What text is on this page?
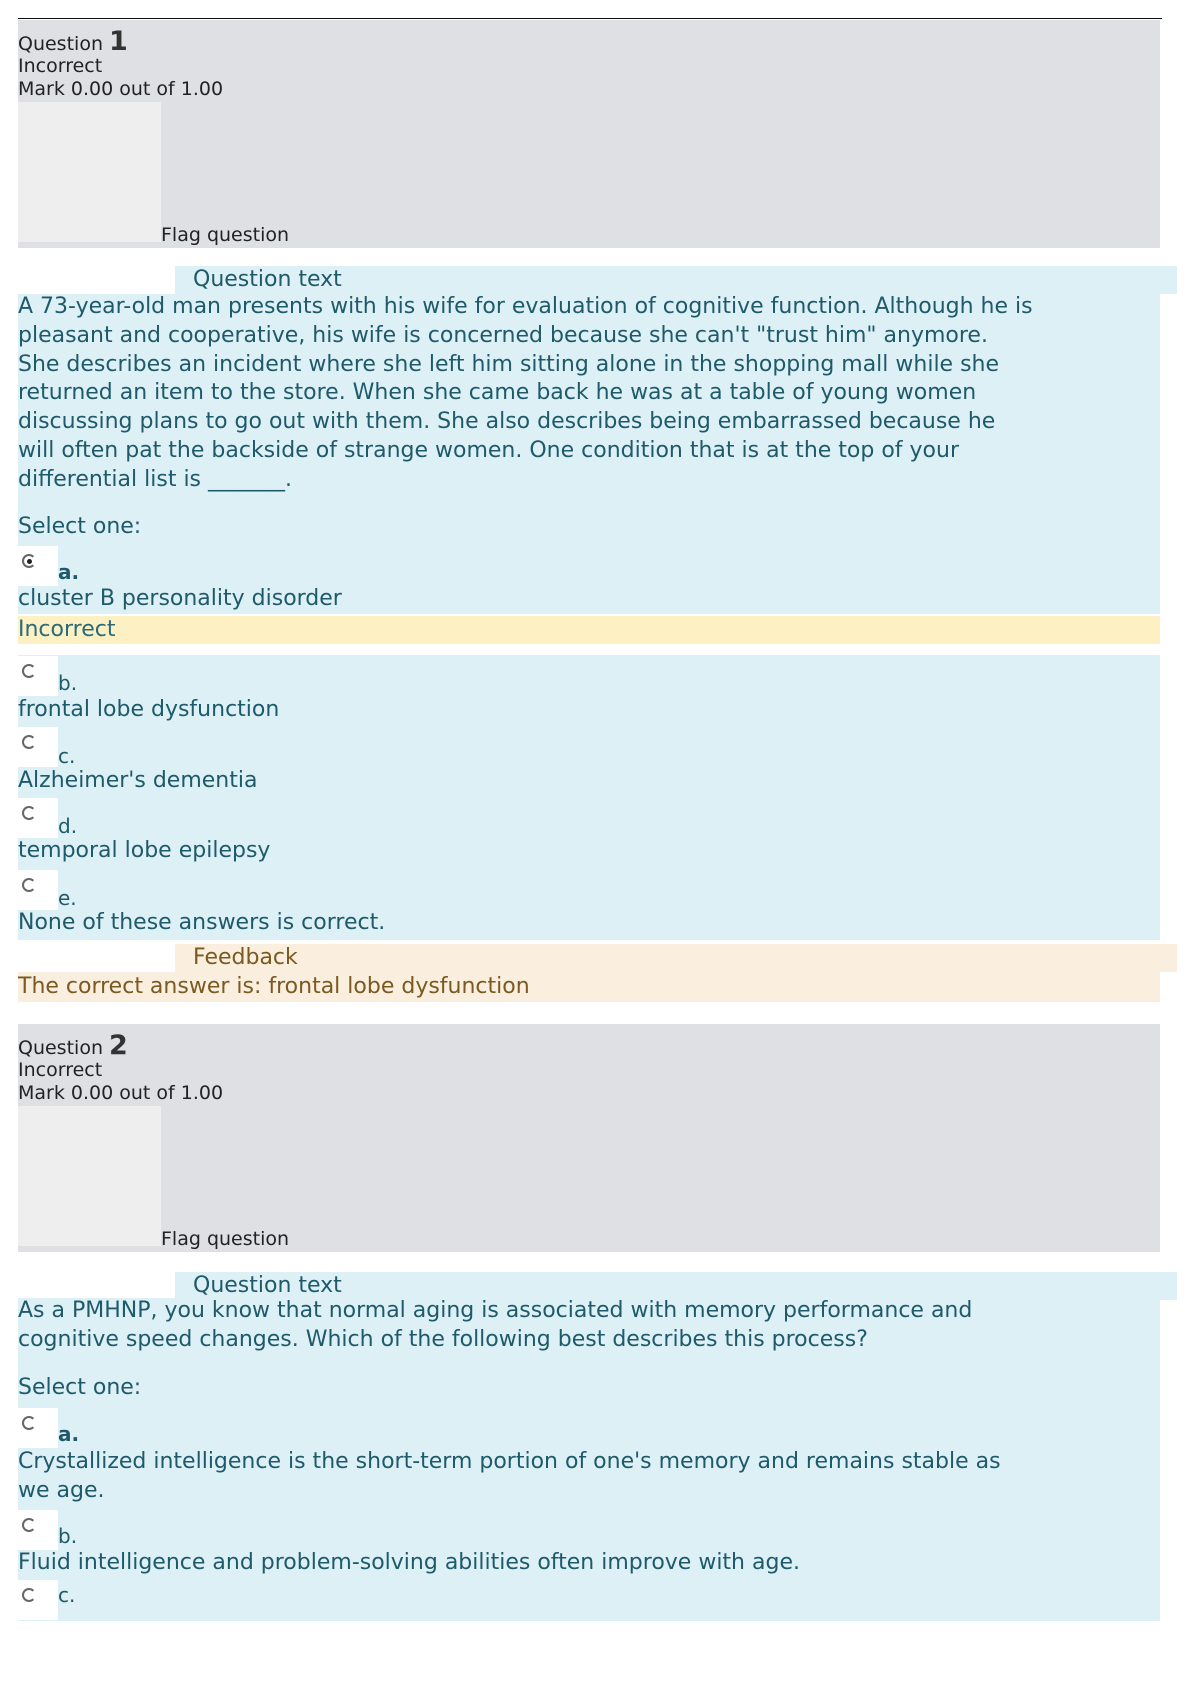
Question 1
Incorrect
Mark 0.00 out of 1.00
Flag question
Question text
A 73-year-old man presents with his wife for evaluation of cognitive function. Although he is
pleasant and cooperative, his wife is concerned because she can't "trust him" anymore.
She describes an incident where she left him sitting alone in the shopping mall while she
returned an item to the store. When she came back he was at a table of young women
discussing plans to go out with them. She also describes being embarrassed because he
will often pat the backside of strange women. One condition that is at the top of your
differential list is _______.
Select one:
a.
cluster B personality disorder
Incorrect
b.
frontal lobe dysfunction
c.
Alzheimer's dementia
d.
temporal lobe epilepsy
e.
None of these answers is correct.
Feedback
The correct answer is: frontal lobe dysfunction
Question 2
Incorrect
Mark 0.00 out of 1.00
Flag question
Question text
As a PMHNP, you know that normal aging is associated with memory performance and
cognitive speed changes. Which of the following best describes this process?
Select one:
a.
Crystallized intelligence is the short-term portion of one's memory and remains stable as
we age.
b.
Fluid intelligence and problem-solving abilities often improve with age.
c.
